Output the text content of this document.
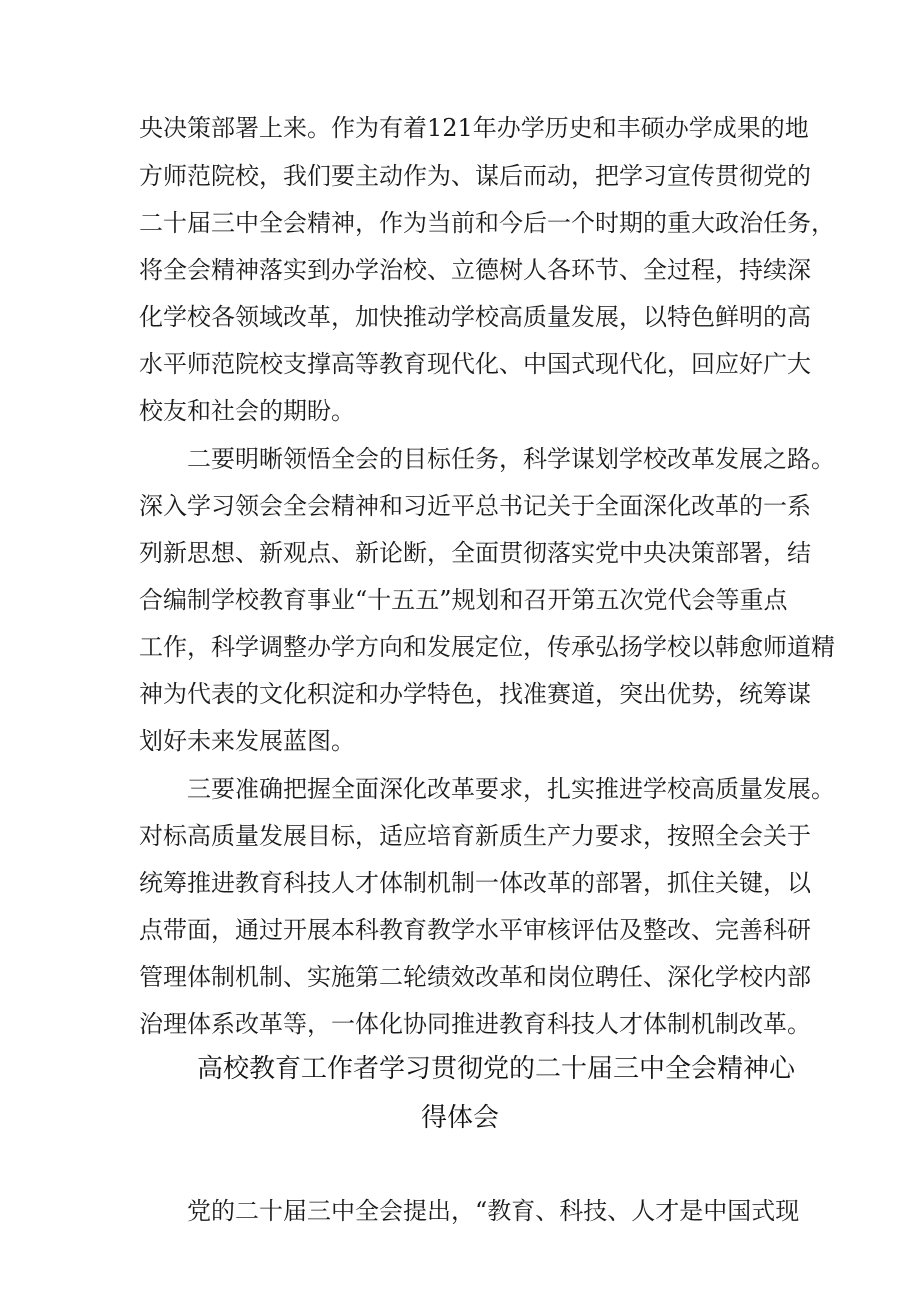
央决策部署上来。作为有着121年办学历史和丰硕办学成果的地
方师范院校，我们要主动作为、谋后而动，把学习宣传贯彻党的
二十届三中全会精神，作为当前和今后一个时期的重大政治任务，
将全会精神落实到办学治校、立德树人各环节、全过程，持续深
化学校各领域改革，加快推动学校高质量发展，以特色鲜明的高
水平师范院校支撑高等教育现代化、中国式现代化，回应好广大
校友和社会的期盼。
二要明晰领悟全会的目标任务，科学谋划学校改革发展之路。
深入学习领会全会精神和习近平总书记关于全面深化改革的一系
列新思想、新观点、新论断，全面贯彻落实党中央决策部署，结
合编制学校教育事业“十五五”规划和召开第五次党代会等重点
工作，科学调整办学方向和发展定位，传承弘扬学校以韩愈师道精
神为代表的文化积淀和办学特色，找准赛道，突出优势，统筹谋
划好未来发展蓝图。
三要准确把握全面深化改革要求，扎实推进学校高质量发展。
对标高质量发展目标，适应培育新质生产力要求，按照全会关于
统筹推进教育科技人才体制机制一体改革的部署，抓住关键，以
点带面，通过开展本科教育教学水平审核评估及整改、完善科研
管理体制机制、实施第二轮绩效改革和岗位聘任、深化学校内部
治理体系改革等，一体化协同推进教育科技人才体制机制改革。
高校教育工作者学习贯彻党的二十届三中全会精神心
得体会
党的二十届三中全会提出，“教育、科技、人才是中国式现
